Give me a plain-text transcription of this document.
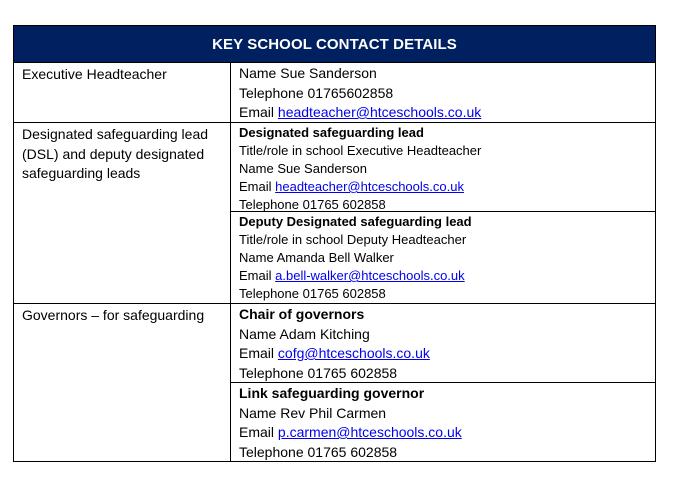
KEY SCHOOL CONTACT DETAILS
Executive Headteacher	Name Sue Sanderson
Telephone 01765602858
Email headteacher@htceschools.co.uk
Designated safeguarding lead
(DSL) and deputy designated
safeguarding leads
Designated safeguarding lead
Title/role in school Executive Headteacher
Name Sue Sanderson
Email headteacher@htceschools.co.uk
Telephone 01765 602858
Deputy Designated safeguarding lead
Title/role in school Deputy Headteacher
Name Amanda Bell Walker
Email a.bell-walker@htceschools.co.uk
Telephone 01765 602858
Governors – for safeguarding	Chair of governors
Name Adam Kitching
Email cofg@htceschools.co.uk
Telephone 01765 602858
Link safeguarding governor
Name Rev Phil Carmen
Email p.carmen@htceschools.co.uk
Telephone 01765 602858
